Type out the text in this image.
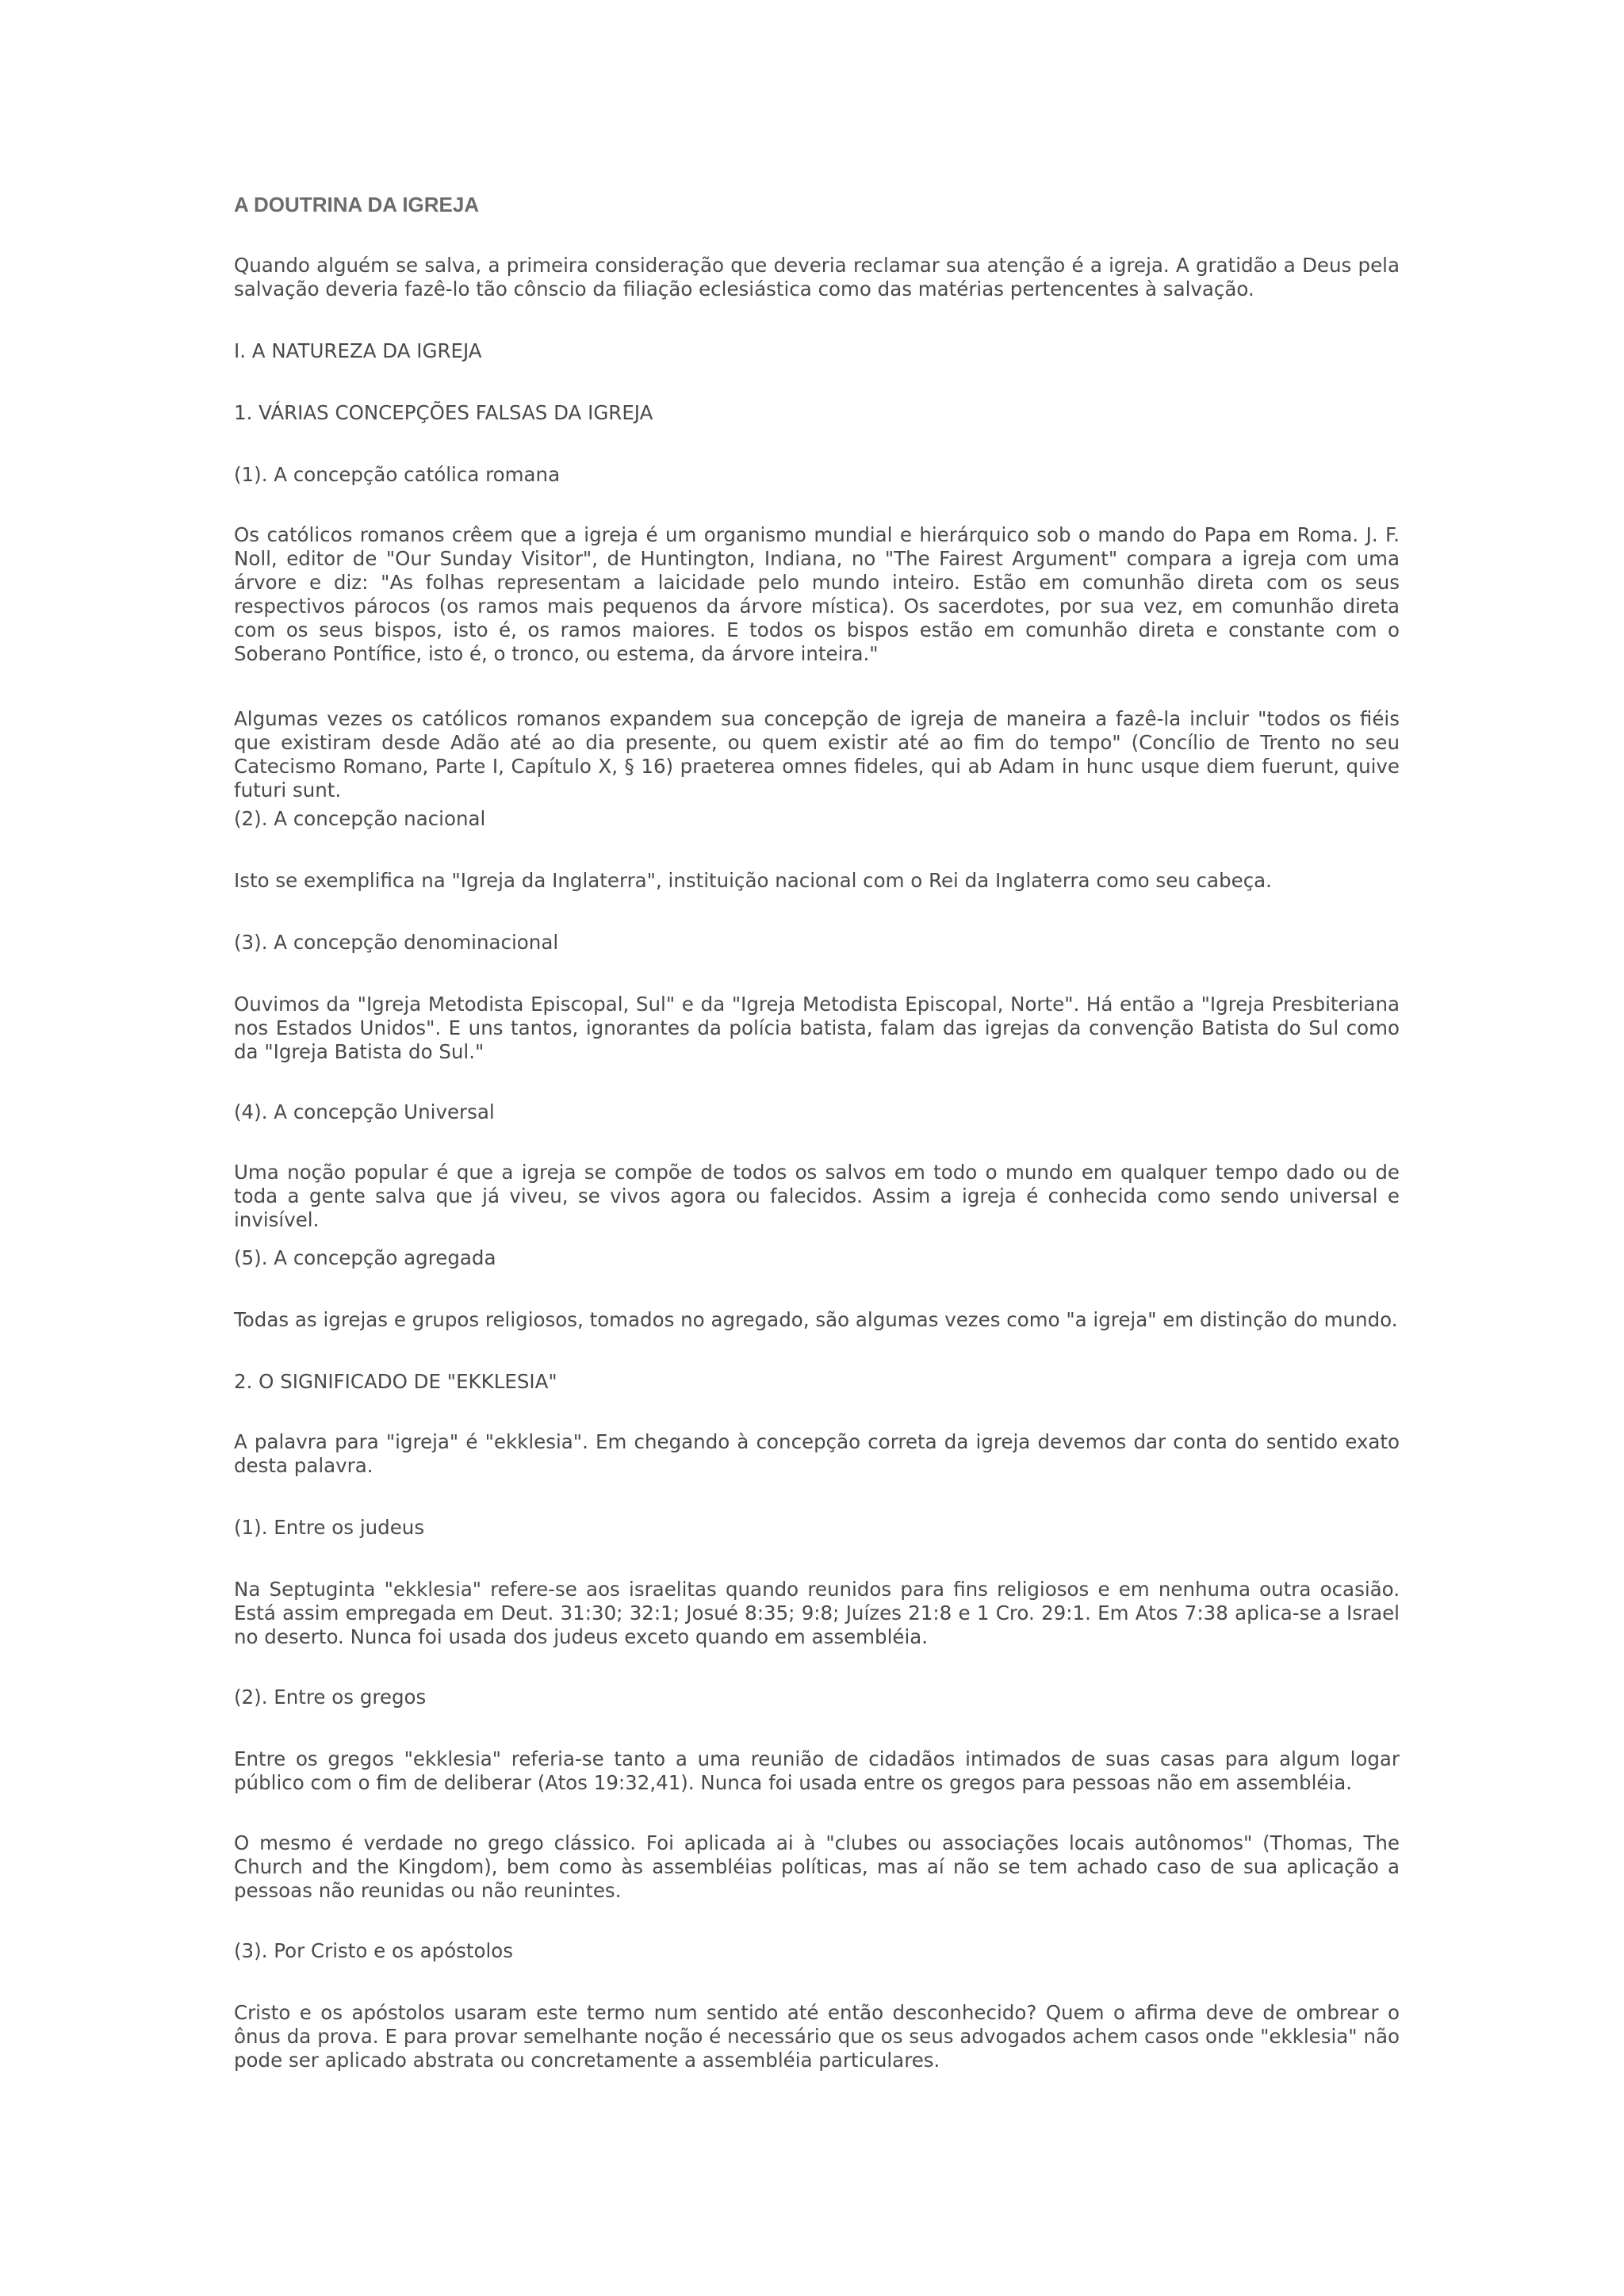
A DOUTRINA DA IGREJA

Quando alguém se salva, a primeira consideração que deveria reclamar sua atenção é a igreja. A gratidão a Deus pela salvação deveria fazê-lo tão cônscio da filiação eclesiástica como das matérias pertencentes à salvação.

I. A NATUREZA DA IGREJA

1. VÁRIAS CONCEPÇÕES FALSAS DA IGREJA

(1). A concepção católica romana

Os católicos romanos crêem que a igreja é um organismo mundial e hierárquico sob o mando do Papa em Roma. J. F. Noll, editor de "Our Sunday Visitor", de Huntington, Indiana, no "The Fairest Argument" compara a igreja com uma árvore e diz: "As folhas representam a laicidade pelo mundo inteiro. Estão em comunhão direta com os seus respectivos párocos (os ramos mais pequenos da árvore mística). Os sacerdotes, por sua vez, em comunhão direta com os seus bispos, isto é, os ramos maiores. E todos os bispos estão em comunhão direta e constante com o Soberano Pontífice, isto é, o tronco, ou estema, da árvore inteira."

Algumas vezes os católicos romanos expandem sua concepção de igreja de maneira a fazê-la incluir "todos os fiéis que existiram desde Adão até ao dia presente, ou quem existir até ao fim do tempo" (Concílio de Trento no seu Catecismo Romano, Parte I, Capítulo X, § 16) praeterea omnes fideles, qui ab Adam in hunc usque diem fuerunt, quive futuri sunt.

(2). A concepção nacional

Isto se exemplifica na "Igreja da Inglaterra", instituição nacional com o Rei da Inglaterra como seu cabeça.

(3). A concepção denominacional

Ouvimos da "Igreja Metodista Episcopal, Sul" e da "Igreja Metodista Episcopal, Norte". Há então a "Igreja Presbiteriana nos Estados Unidos". E uns tantos, ignorantes da polícia batista, falam das igrejas da convenção Batista do Sul como da "Igreja Batista do Sul."

(4). A concepção Universal

Uma noção popular é que a igreja se compõe de todos os salvos em todo o mundo em qualquer tempo dado ou de toda a gente salva que já viveu, se vivos agora ou falecidos. Assim a igreja é conhecida como sendo universal e invisível.

(5). A concepção agregada

Todas as igrejas e grupos religiosos, tomados no agregado, são algumas vezes como "a igreja" em distinção do mundo.

2. O SIGNIFICADO DE "EKKLESIA"

A palavra para "igreja" é "ekklesia". Em chegando à concepção correta da igreja devemos dar conta do sentido exato desta palavra.

(1). Entre os judeus

Na Septuginta "ekklesia" refere-se aos israelitas quando reunidos para fins religiosos e em nenhuma outra ocasião. Está assim empregada em Deut. 31:30; 32:1; Josué 8:35; 9:8; Juízes 21:8 e 1 Cro. 29:1. Em Atos 7:38 aplica-se a Israel no deserto. Nunca foi usada dos judeus exceto quando em assembléia.

(2). Entre os gregos

Entre os gregos "ekklesia" referia-se tanto a uma reunião de cidadãos intimados de suas casas para algum logar público com o fim de deliberar (Atos 19:32,41). Nunca foi usada entre os gregos para pessoas não em assembléia.

O mesmo é verdade no grego clássico. Foi aplicada ai à "clubes ou associações locais autônomos" (Thomas, The Church and the Kingdom), bem como às assembléias políticas, mas aí não se tem achado caso de sua aplicação a pessoas não reunidas ou não reunintes.

(3). Por Cristo e os apóstolos

Cristo e os apóstolos usaram este termo num sentido até então desconhecido? Quem o afirma deve de ombrear o ônus da prova. E para provar semelhante noção é necessário que os seus advogados achem casos onde "ekklesia" não pode ser aplicado abstrata ou concretamente a assembléia particulares.
